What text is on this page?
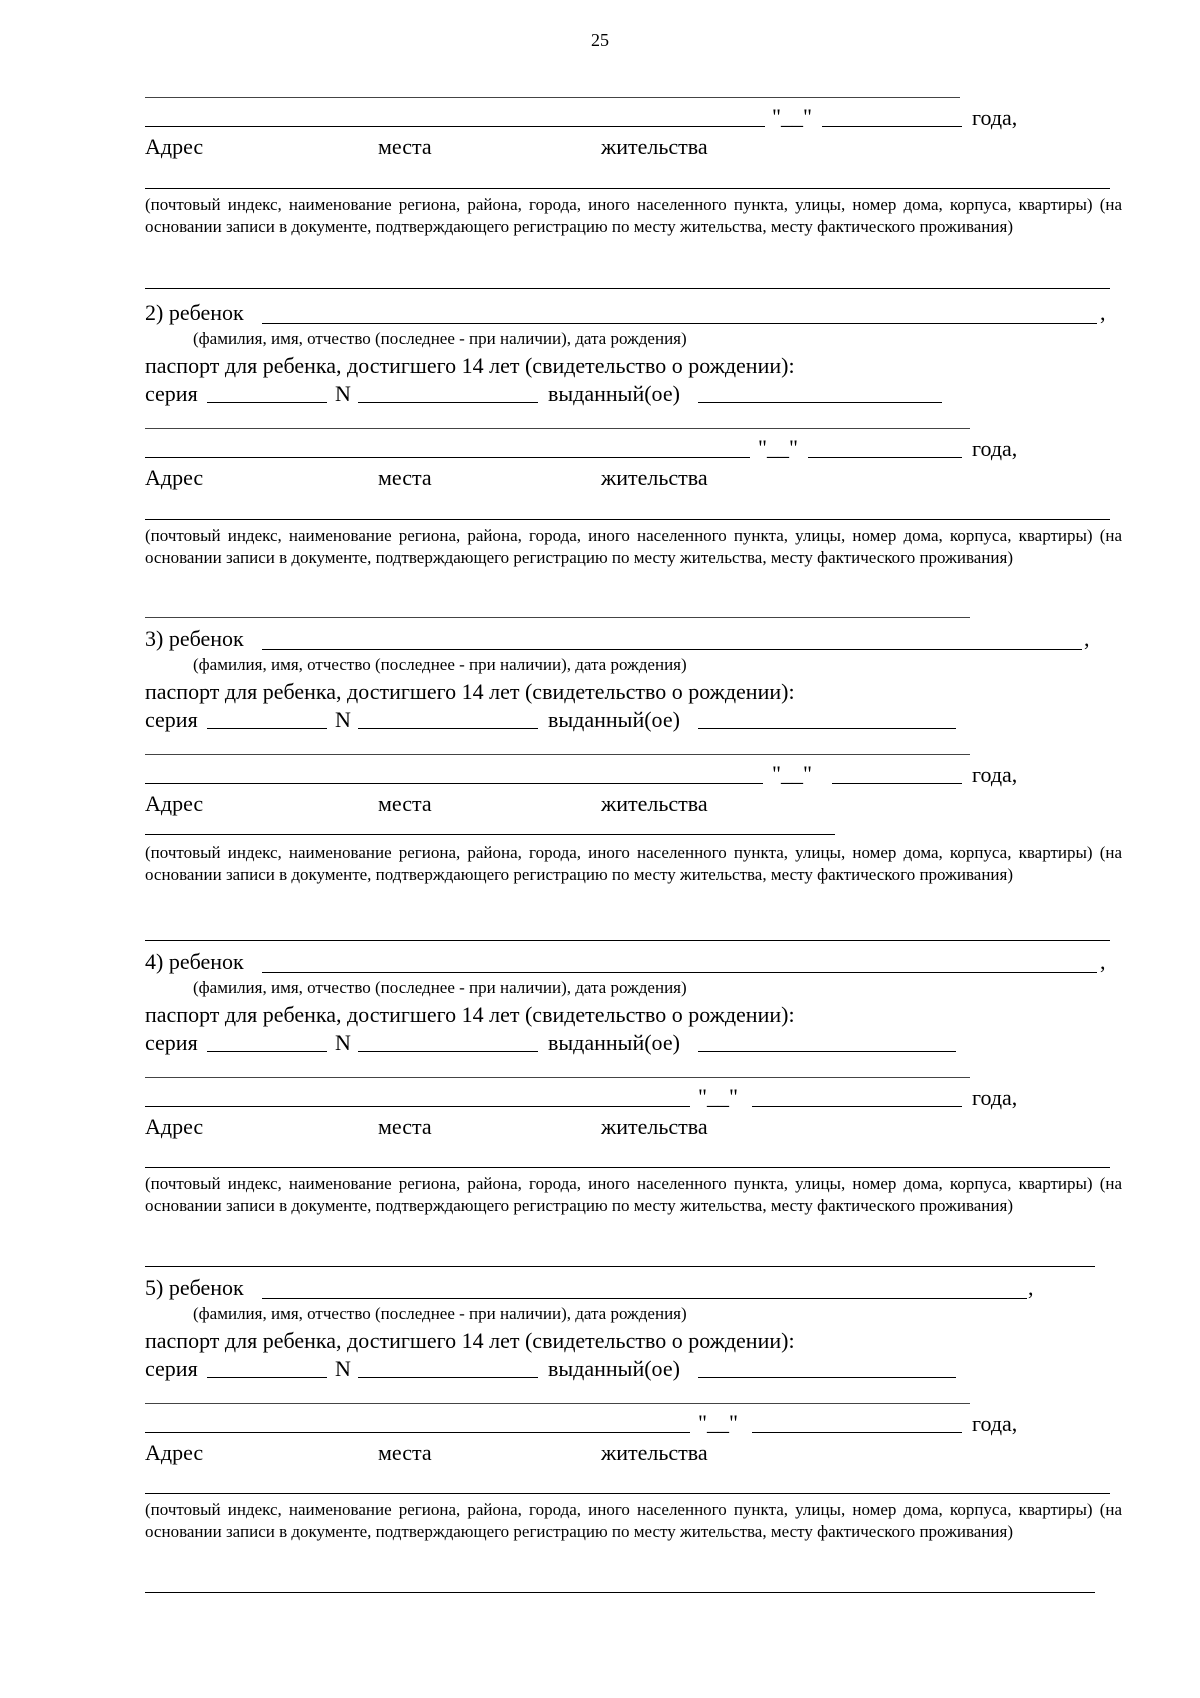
25
"__"	года,
Адрес	места	жительства
(почтовый индекс, наименование региона, района, города, иного населенного пункта, улицы, номер дома, корпуса, квартиры) (на основании записи в документе, подтверждающего регистрацию по месту жительства, месту фактического проживания)
2) ребенок	,
(фамилия, имя, отчество (последнее - при наличии), дата рождения)
паспорт для ребенка, достигшего 14 лет (свидетельство о рождении):
серия	N	выданный(ое)
"__"	года,
Адрес	места	жительства
(почтовый индекс, наименование региона, района, города, иного населенного пункта, улицы, номер дома, корпуса, квартиры) (на основании записи в документе, подтверждающего регистрацию по месту жительства, месту фактического проживания)
3) ребенок	,
(фамилия, имя, отчество (последнее - при наличии), дата рождения)
паспорт для ребенка, достигшего 14 лет (свидетельство о рождении):
серия	N	выданный(ое)
"__"	года,
Адрес	места	жительства
(почтовый индекс, наименование региона, района, города, иного населенного пункта, улицы, номер дома, корпуса, квартиры) (на основании записи в документе, подтверждающего регистрацию по месту жительства, месту фактического проживания)
4) ребенок	,
(фамилия, имя, отчество (последнее - при наличии), дата рождения)
паспорт для ребенка, достигшего 14 лет (свидетельство о рождении):
серия	N	выданный(ое)
"__"	года,
Адрес	места	жительства
(почтовый индекс, наименование региона, района, города, иного населенного пункта, улицы, номер дома, корпуса, квартиры) (на основании записи в документе, подтверждающего регистрацию по месту жительства, месту фактического проживания)
5) ребенок	,
(фамилия, имя, отчество (последнее - при наличии), дата рождения)
паспорт для ребенка, достигшего 14 лет (свидетельство о рождении):
серия	N	выданный(ое)
"__"	года,
Адрес	места	жительства
(почтовый индекс, наименование региона, района, города, иного населенного пункта, улицы, номер дома, корпуса, квартиры) (на основании записи в документе, подтверждающего регистрацию по месту жительства, месту фактического проживания)
